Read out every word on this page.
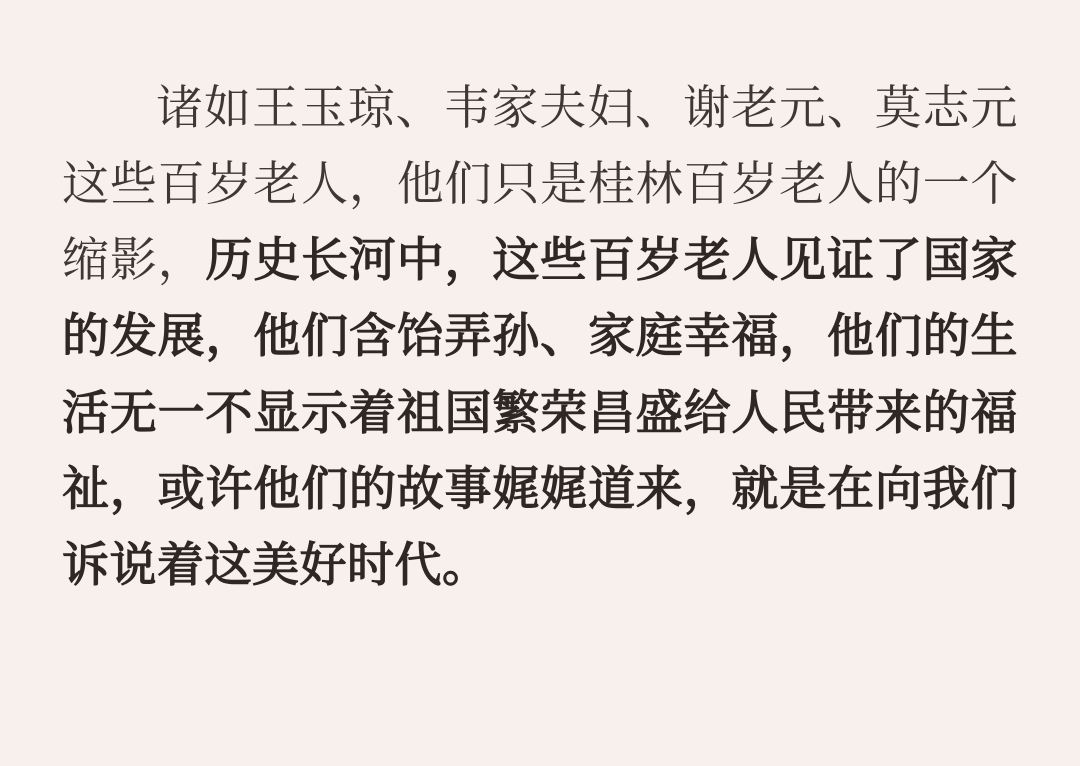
诸如王玉琼、韦家夫妇、谢老元、莫志元这些百岁老人，他们只是桂林百岁老人的一个缩影，历史长河中，这些百岁老人见证了国家的发展，他们含饴弄孙、家庭幸福，他们的生活无一不显示着祖国繁荣昌盛给人民带来的福祉，或许他们的故事娓娓道来，就是在向我们诉说着这美好时代。
